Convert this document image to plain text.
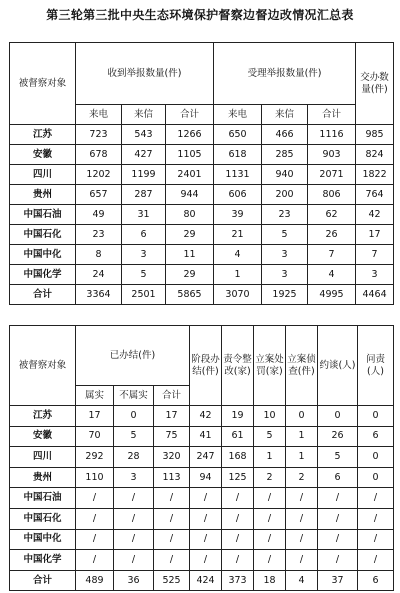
第三轮第三批中央生态环境保护督察边督边改情况汇总表
被督察对象	收到举报数量(件)			受理举报数量(件)			交办数量(件)
	来电	来信	合计	来电	来信	合计	
江苏	723	543	1266	650	466	1116	985
安徽	678	427	1105	618	285	903	824
四川	1202	1199	2401	1131	940	2071	1822
贵州	657	287	944	606	200	806	764
中国石油	49	31	80	39	23	62	42
中国石化	23	6	29	21	5	26	17
中国中化	8	3	11	4	3	7	7
中国化学	24	5	29	1	3	4	3
合计	3364	2501	5865	3070	1925	4995	4464
被督察对象	已办结(件)			阶段办结(件)	责令整改(家)	立案处罚(家)	立案侦查(件)	约谈(人)	问责(人)
	属实	不属实	合计						
江苏	17	0	17	42	19	10	0	0	0
安徽	70	5	75	41	61	5	1	26	6
四川	292	28	320	247	168	1	1	5	0
贵州	110	3	113	94	125	2	2	6	0
中国石油	/	/	/	/	/	/	/	/	/
中国石化	/	/	/	/	/	/	/	/	/
中国中化	/	/	/	/	/	/	/	/	/
中国化学	/	/	/	/	/	/	/	/	/
合计	489	36	525	424	373	18	4	37	6
